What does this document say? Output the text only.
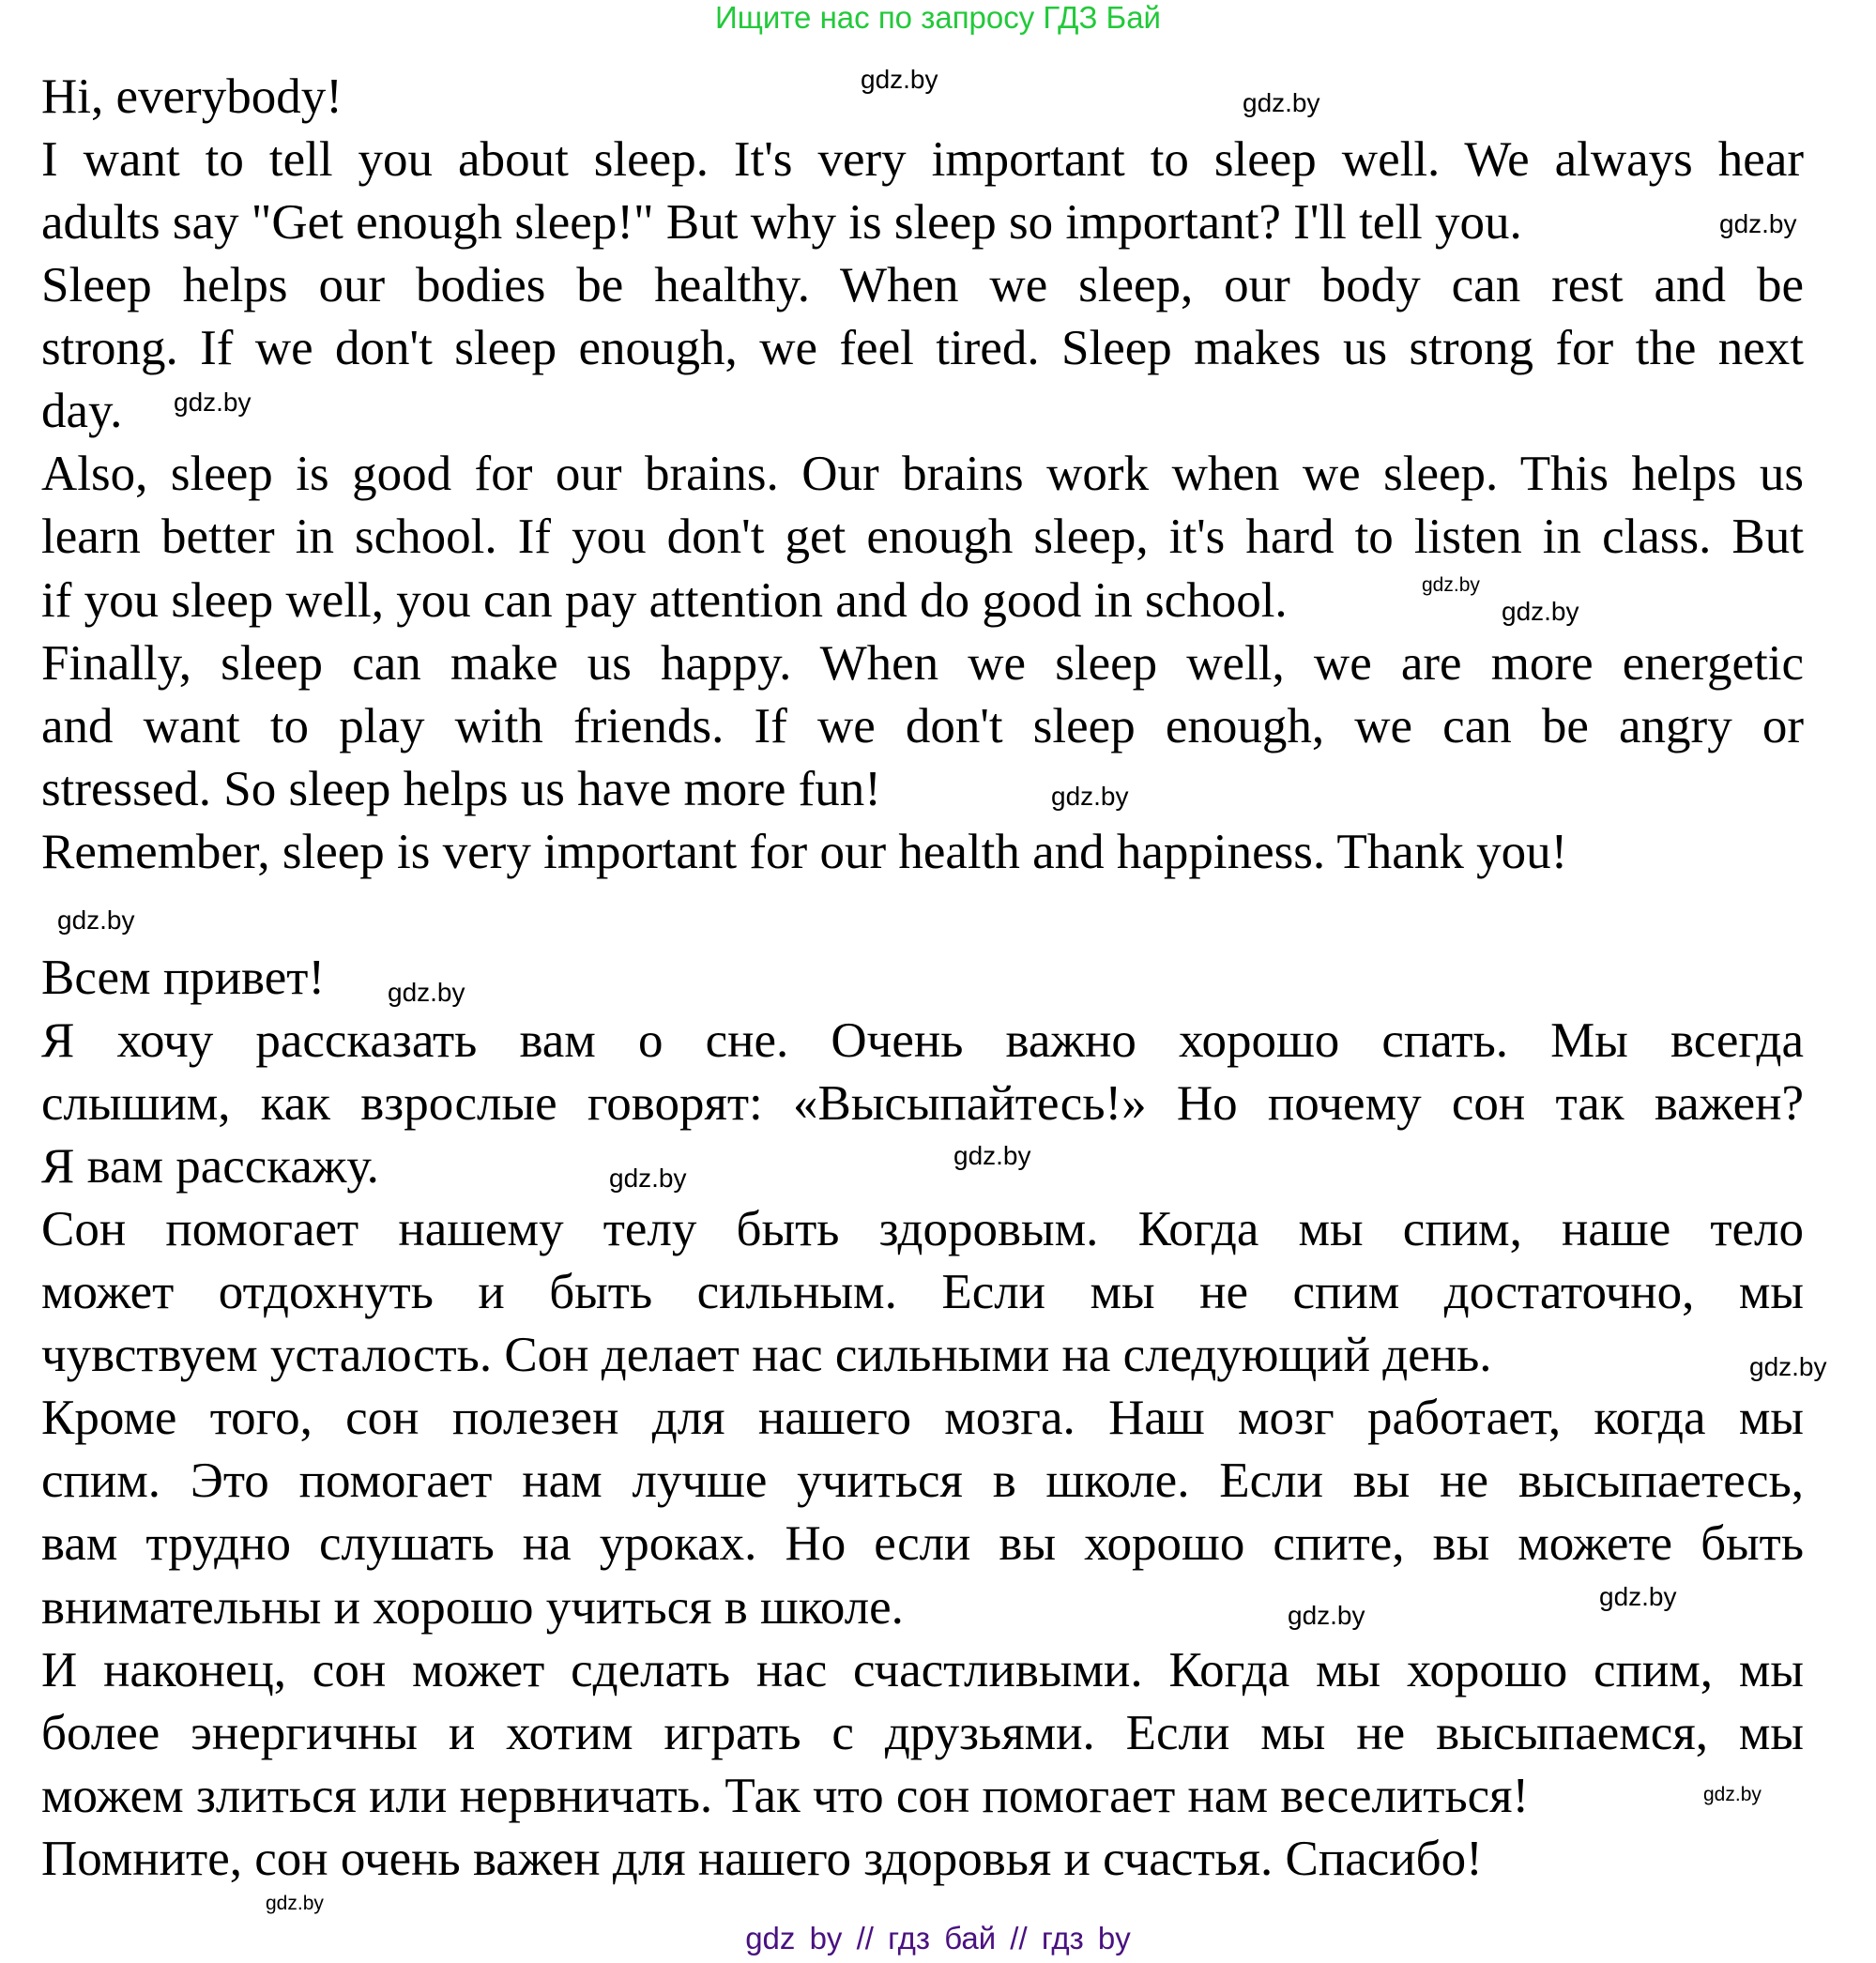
Ищите нас по запросу ГДЗ Бай
Hi, everybody!
I want to tell you about sleep. It's very important to sleep well. We always hear
adults say "Get enough sleep!" But why is sleep so important? I'll tell you.
Sleep helps our bodies be healthy. When we sleep, our body can rest and be
strong. If we don't sleep enough, we feel tired. Sleep makes us strong for the next
day.
Also, sleep is good for our brains. Our brains work when we sleep. This helps us
learn better in school. If you don't get enough sleep, it's hard to listen in class. But
if you sleep well, you can pay attention and do good in school.
Finally, sleep can make us happy. When we sleep well, we are more energetic
and want to play with friends. If we don't sleep enough, we can be angry or
stressed. So sleep helps us have more fun!
Remember, sleep is very important for our health and happiness. Thank you!
Всем привет!
Я хочу рассказать вам о сне. Очень важно хорошо спать. Мы всегда
слышим, как взрослые говорят: «Высыпайтесь!» Но почему сон так важен?
Я вам расскажу.
Сон помогает нашему телу быть здоровым. Когда мы спим, наше тело
может отдохнуть и быть сильным. Если мы не спим достаточно, мы
чувствуем усталость. Сон делает нас сильными на следующий день.
Кроме того, сон полезен для нашего мозга. Наш мозг работает, когда мы
спим. Это помогает нам лучше учиться в школе. Если вы не высыпаетесь,
вам трудно слушать на уроках. Но если вы хорошо спите, вы можете быть
внимательны и хорошо учиться в школе.
И наконец, сон может сделать нас счастливыми. Когда мы хорошо спим, мы
более энергичны и хотим играть с друзьями. Если мы не высыпаемся, мы
можем злиться или нервничать. Так что сон помогает нам веселиться!
Помните, сон очень важен для нашего здоровья и счастья. Спасибо!
gdz.by
gdz.by
gdz.by
gdz.by
gdz.by
gdz.by
gdz.by
gdz.by
gdz.by
gdz.by
gdz.by
gdz.by
gdz.by
gdz.by
gdz.by
gdz.by
gdz by // гдз бай // гдз by
